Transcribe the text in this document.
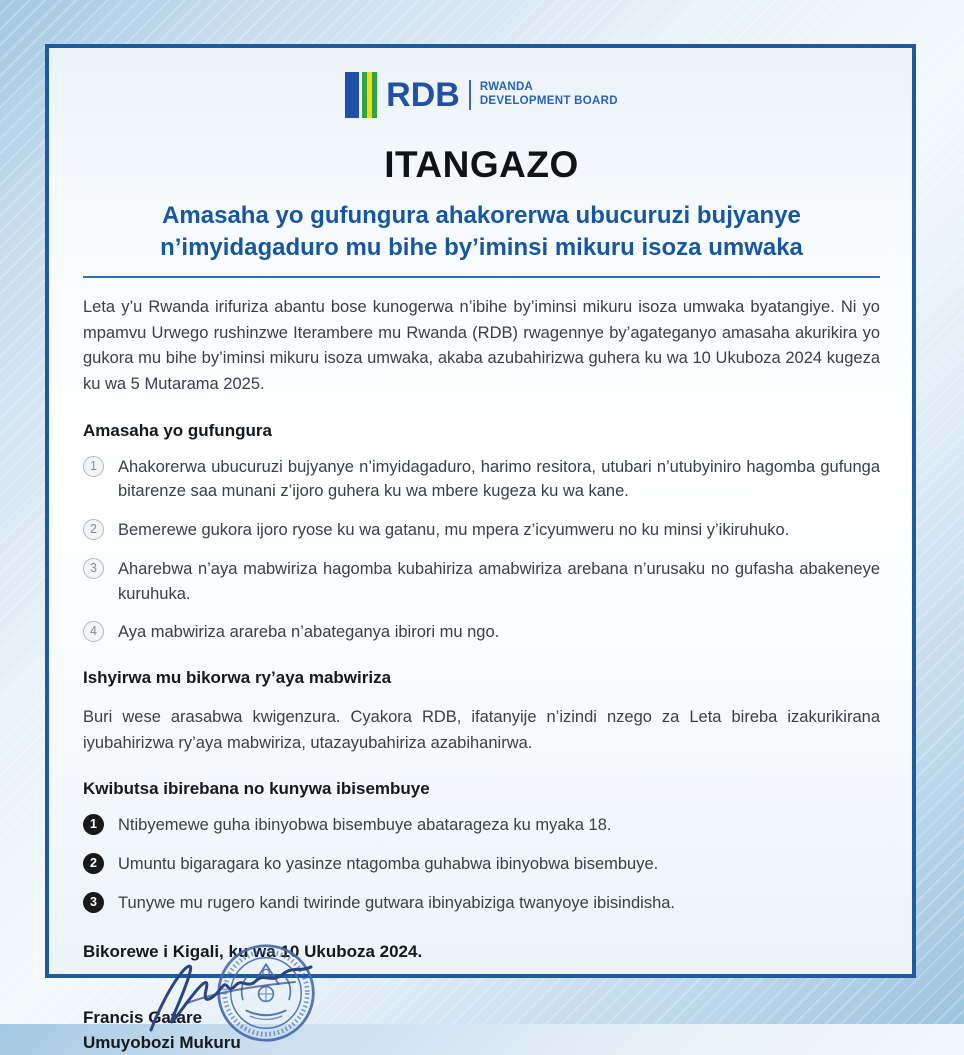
RDB RWANDA
DEVELOPMENT BOARD
ITANGAZO
Amasaha yo gufungura ahakorerwa ubucuruzi bujyanye n’imyidagaduro mu bihe by’iminsi mikuru isoza umwaka

Leta y’u Rwanda irifuriza abantu bose kunogerwa n’ibihe by’iminsi mikuru isoza umwaka byatangiye. Ni yo mpamvu Urwego rushinzwe Iterambere mu Rwanda (RDB) rwagennye by’agateganyo amasaha akurikira yo gukora mu bihe by’iminsi mikuru isoza umwaka, akaba azubahirizwa guhera ku wa 10 Ukuboza 2024 kugeza ku wa 5 Mutarama 2025.

Amasaha yo gufungura
1	Ahakorerwa ubucuruzi bujyanye n’imyidagaduro, harimo resitora, utubari n’utubyiniro hagomba gufunga bitarenze saa munani z’ijoro guhera ku wa mbere kugeza ku wa kane.
2	Bemerewe gukora ijoro ryose ku wa gatanu, mu mpera z’icyumweru no ku minsi y’ikiruhuko.
3	Aharebwa n’aya mabwiriza hagomba kubahiriza amabwiriza arebana n’urusaku no gufasha abakeneye kuruhuka.
4	Aya mabwiriza arareba n’abateganya ibirori mu ngo.
Ishyirwa mu bikorwa ry’aya mabwiriza

Buri wese arasabwa kwigenzura. Cyakora RDB, ifatanyije n’izindi nzego za Leta bireba izakurikirana iyubahirizwa ry’aya mabwiriza, utazayubahiriza azabihanirwa.

Kwibutsa ibirebana no kunywa ibisembuye
1	Ntibyemewe guha ibinyobwa bisembuye abatarageza ku myaka 18.
2	Umuntu bigaragara ko yasinze ntagomba guhabwa ibinyobwa bisembuye.
3	Tunywe mu rugero kandi twirinde gutwara ibinyabiziga twanyoye ibisindisha.

Bikorewe i Kigali, ku wa 10 Ukuboza 2024.

Francis Gatare

Umuyobozi Mukuru
